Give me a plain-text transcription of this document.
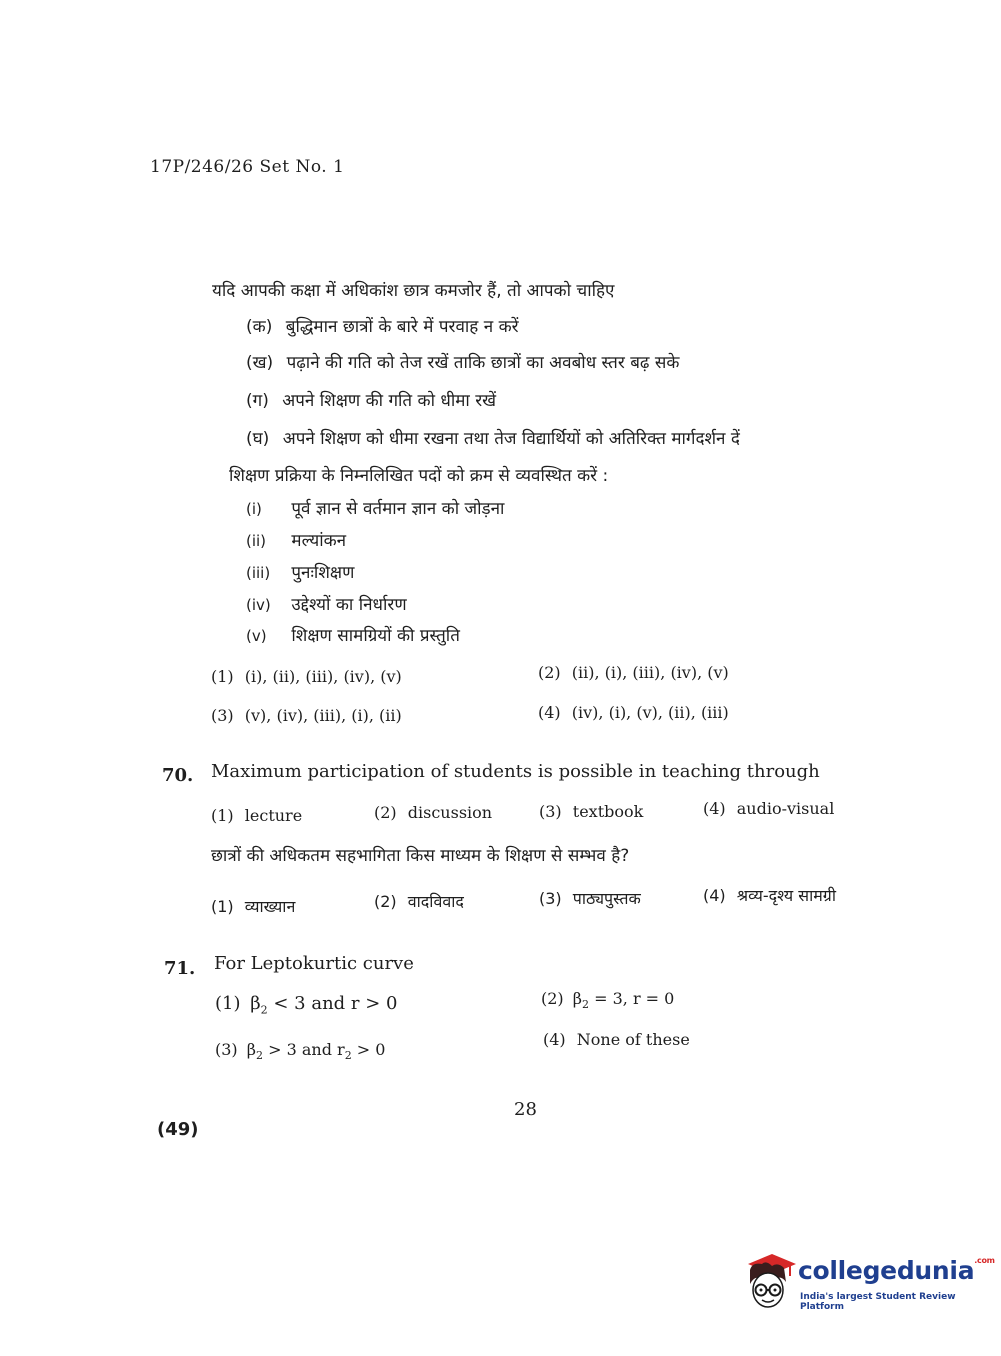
17P/246/26 Set No. 1
यदि आपकी कक्षा में अधिकांश छात्र कमजोर हैं, तो आपको चाहिए
(क) बुद्धिमान छात्रों के बारे में परवाह न करें
(ख) पढ़ाने की गति को तेज रखें ताकि छात्रों का अवबोध स्तर बढ़ सके
(ग) अपने शिक्षण की गति को धीमा रखें
(घ) अपने शिक्षण को धीमा रखना तथा तेज विद्यार्थियों को अतिरिक्त मार्गदर्शन दें
शिक्षण प्रक्रिया के निम्नलिखित पदों को क्रम से व्यवस्थित करें :
(i) पूर्व ज्ञान से वर्तमान ज्ञान को जोड़ना
(ii) मल्यांकन
(iii) पुनःशिक्षण
(iv) उद्देश्यों का निर्धारण
(v) शिक्षण सामग्रियों की प्रस्तुति
(1) (i), (ii), (iii), (iv), (v)	(2) (ii), (i), (iii), (iv), (v)
(3) (v), (iv), (iii), (i), (ii)	(4) (iv), (i), (v), (ii), (iii)
70. Maximum participation of students is possible in teaching through
(1) lecture	(2) discussion	(3) textbook	(4) audio-visual
छात्रों की अधिकतम सहभागिता किस माध्यम के शिक्षण से सम्भव है?
(1) व्याख्यान	(2) वादविवाद	(3) पाठ्यपुस्तक	(4) श्रव्य-दृश्य सामग्री
71. For Leptokurtic curve
(1) $\beta_2 < 3$ and r > 0	(2) $\beta_2 = 3$, r = 0
(3) $\beta_2 > 3$ and $r_2 > 0$
(4) None of these
28
(49)
collegedunia$^{.com}$
India's largest Student Review Platform
